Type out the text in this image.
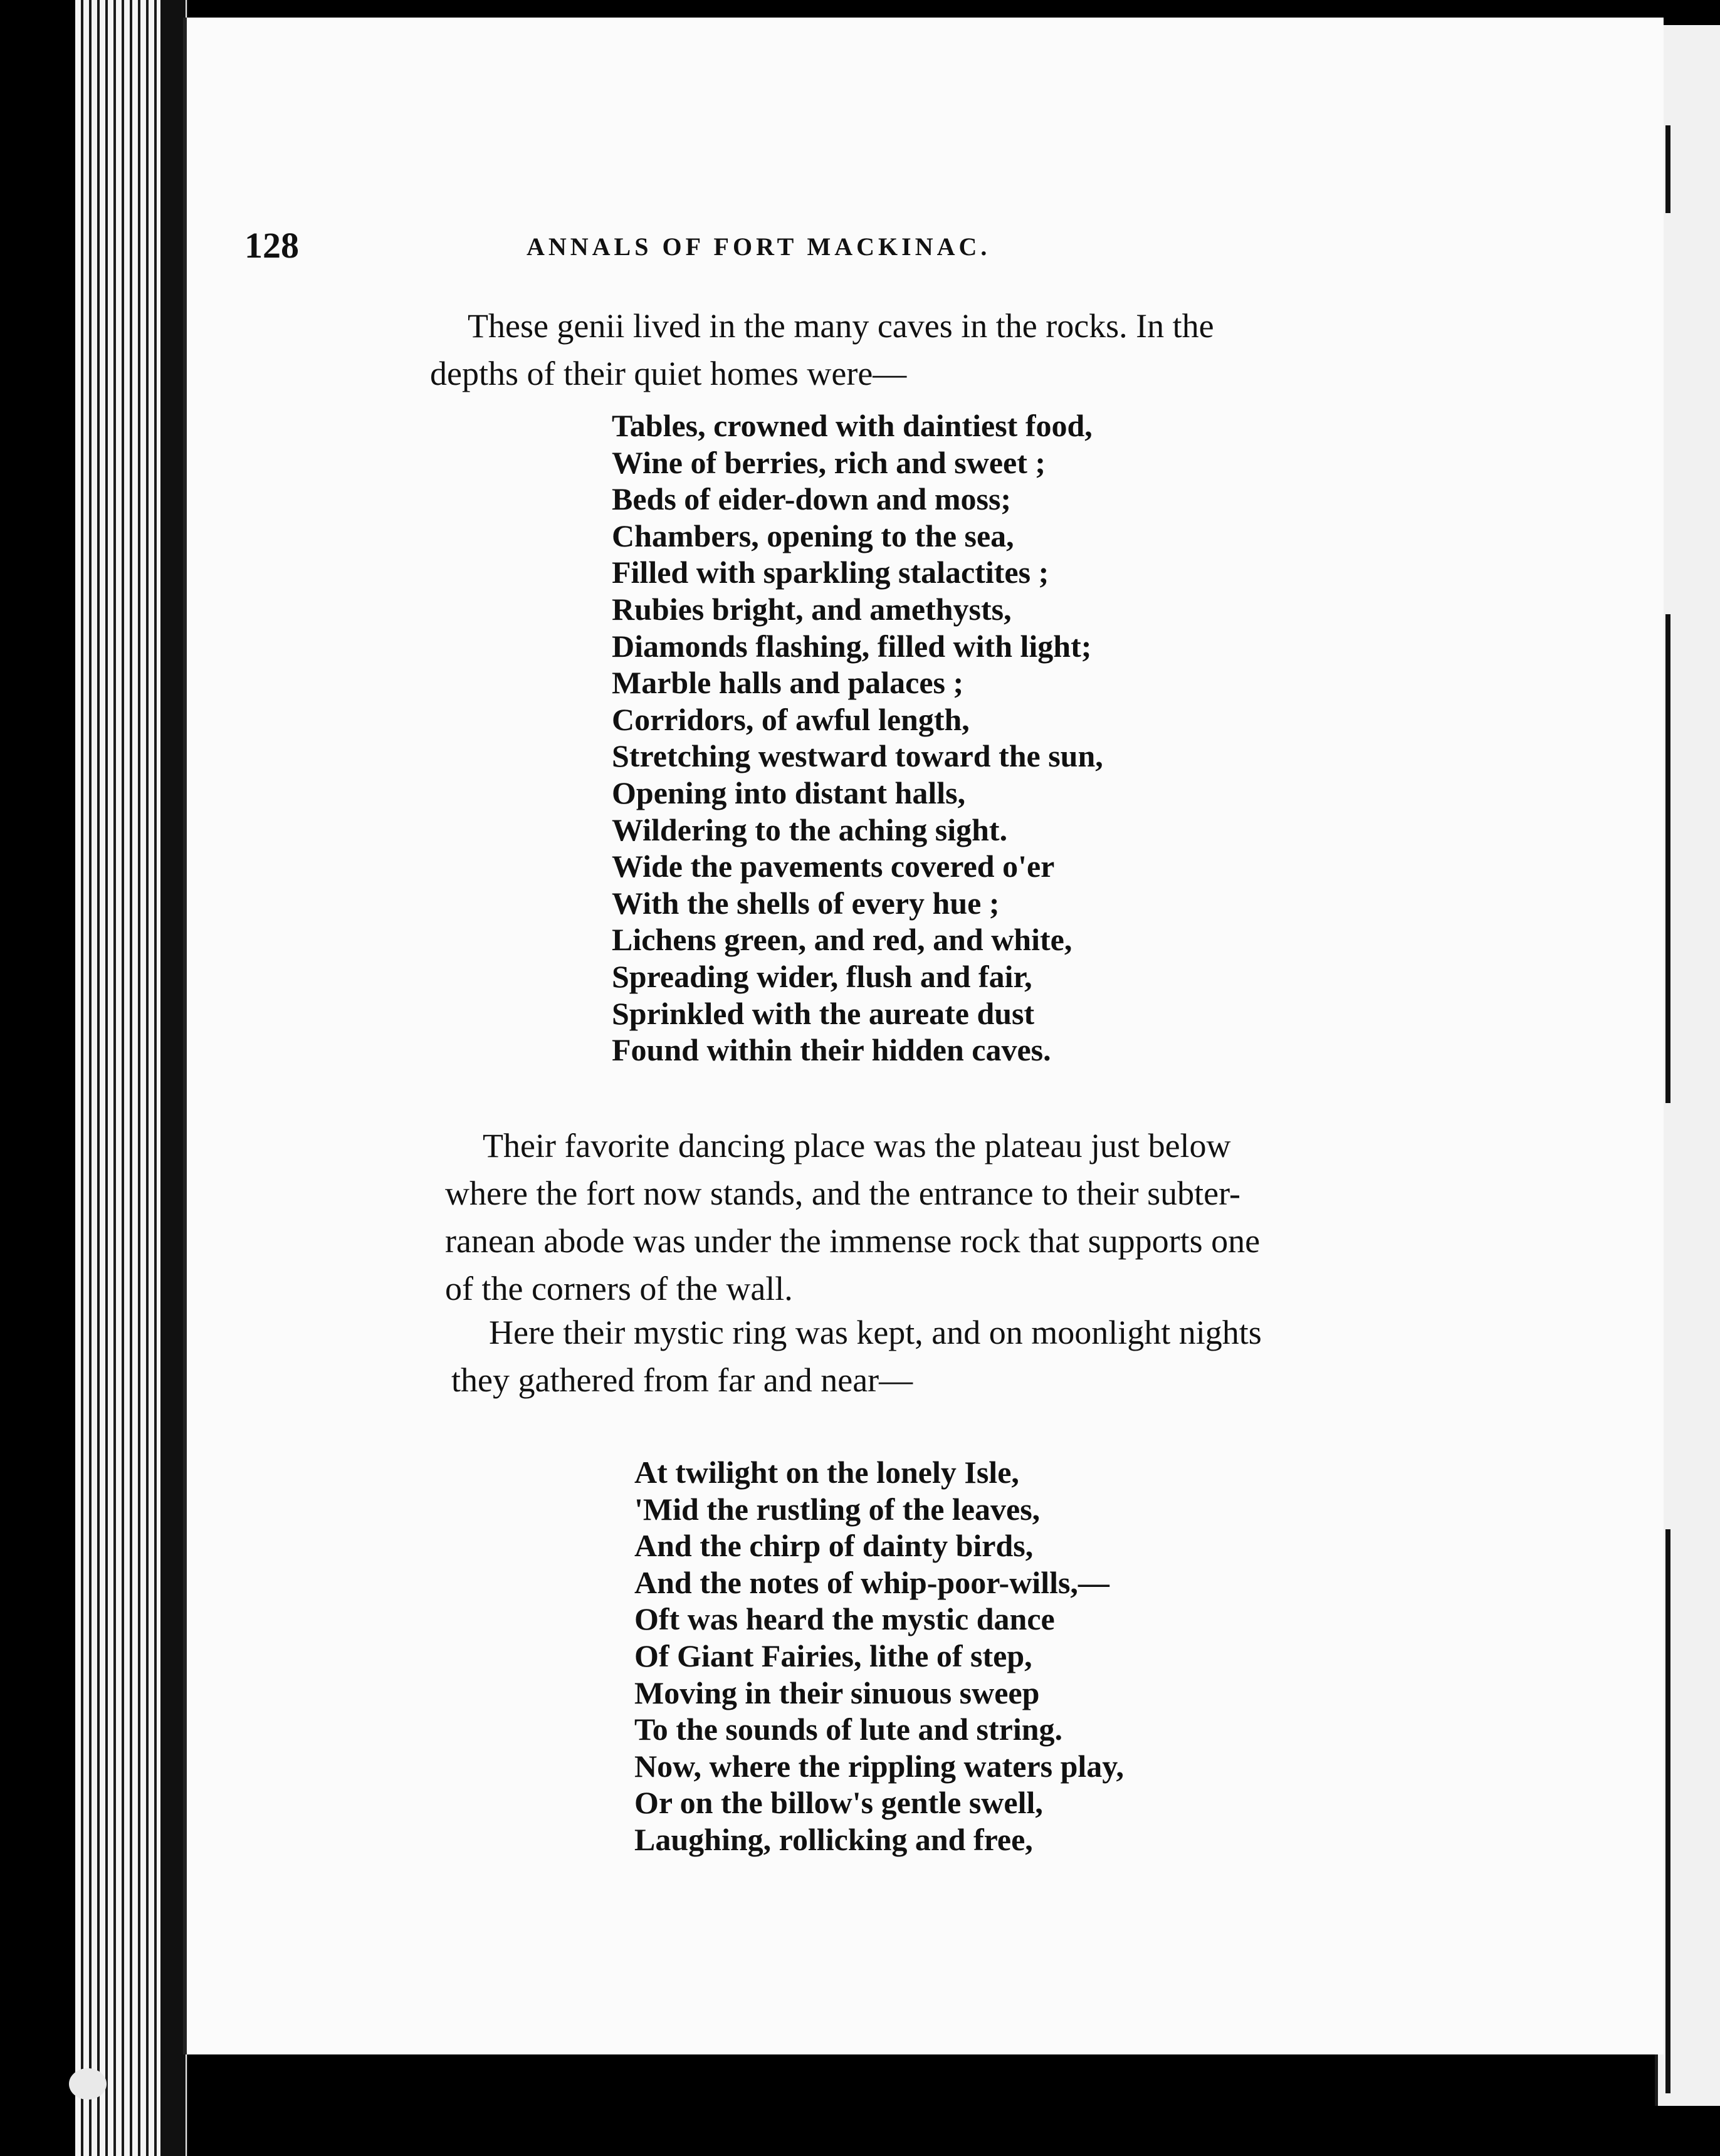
128	ANNALS OF FORT MACKINAC.

These genii lived in the many caves in the rocks. In the
depths of their quiet homes were—

Tables, crowned with daintiest food,
Wine of berries, rich and sweet ;
Beds of eider-down and moss;
Chambers, opening to the sea,
Filled with sparkling stalactites ;
Rubies bright, and amethysts,
Diamonds flashing, filled with light;
Marble halls and palaces ;
Corridors, of awful length,
Stretching westward toward the sun,
Opening into distant halls,
Wildering to the aching sight.
Wide the pavements covered o'er
With the shells of every hue ;
Lichens green, and red, and white,
Spreading wider, flush and fair,
Sprinkled with the aureate dust
Found within their hidden caves.

Their favorite dancing place was the plateau just below
where the fort now stands, and the entrance to their subter-
ranean abode was under the immense rock that supports one
of the corners of the wall.

Here their mystic ring was kept, and on moonlight nights
they gathered from far and near—

At twilight on the lonely Isle,
'Mid the rustling of the leaves,
And the chirp of dainty birds,
And the notes of whip-poor-wills,—
Oft was heard the mystic dance
Of Giant Fairies, lithe of step,
Moving in their sinuous sweep
To the sounds of lute and string.
Now, where the rippling waters play,
Or on the billow's gentle swell,
Laughing, rollicking and free,
